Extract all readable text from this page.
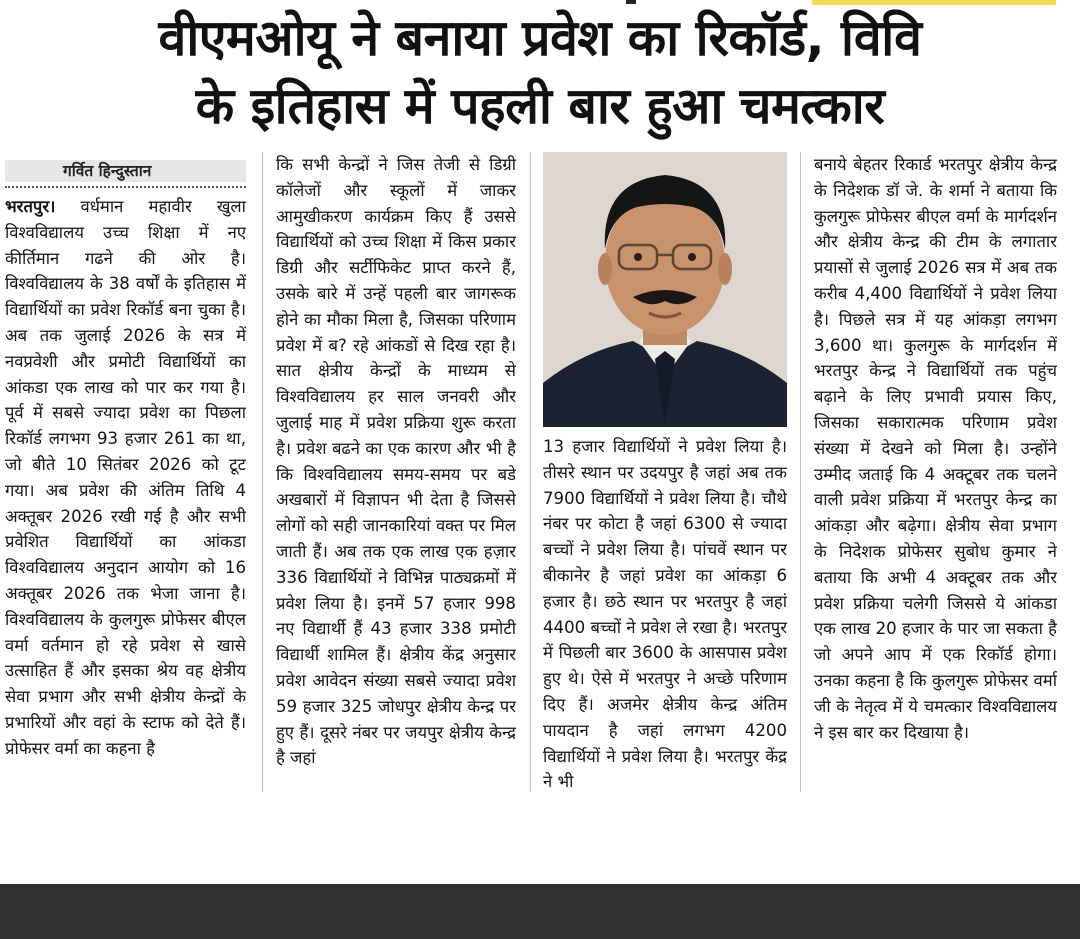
वीएमओयू ने बनाया प्रवेश का रिकॉर्ड, विवि
के इतिहास में पहली बार हुआ चमत्कार
गर्वित हिन्दुस्तान

भरतपुर। वर्धमान महावीर खुला विश्वविद्यालय उच्च शिक्षा में नए कीर्तिमान गढने की ओर है। विश्वविद्यालय के 38 वर्षों के इतिहास में विद्यार्थियों का प्रवेश रिकॉर्ड बना चुका है। अब तक जुलाई 2026 के सत्र में नवप्रवेशी और प्रमोटी विद्यार्थियों का आंकडा एक लाख को पार कर गया है। पूर्व में सबसे ज्यादा प्रवेश का पिछला रिकॉर्ड लगभग 93 हजार 261 का था, जो बीते 10 सितंबर 2026 को टूट गया। अब प्रवेश की अंतिम तिथि 4 अक्तूबर 2026 रखी गई है और सभी प्रवेशित विद्यार्थियों का आंकडा विश्वविद्यालय अनुदान आयोग को 16 अक्तूबर 2026 तक भेजा जाना है। विश्वविद्यालय के कुलगुरू प्रोफेसर बीएल वर्मा वर्तमान हो रहे प्रवेश से खासे उत्साहित हैं और इसका श्रेय वह क्षेत्रीय सेवा प्रभाग और सभी क्षेत्रीय केन्द्रों के प्रभारियों और वहां के स्टाफ को देते हैं। प्रोफेसर वर्मा का कहना है

कि सभी केन्द्रों ने जिस तेजी से डिग्री कॉलेजों और स्कूलों में जाकर आमुखीकरण कार्यक्रम किए हैं उससे विद्यार्थियों को उच्च शिक्षा में किस प्रकार डिग्री और सर्टीफिकेट प्राप्त करने हैं, उसके बारे में उन्हें पहली बार जागरूक होने का मौका मिला है, जिसका परिणाम प्रवेश में ब? रहे आंकडों से दिख रहा है। सात क्षेत्रीय केन्द्रों के माध्यम से विश्वविद्यालय हर साल जनवरी और जुलाई माह में प्रवेश प्रक्रिया शुरू करता है। प्रवेश बढने का एक कारण और भी है कि विश्वविद्यालय समय-समय पर बडे अखबारों में विज्ञापन भी देता है जिससे लोगों को सही जानकारियां वक्त पर मिल जाती हैं। अब तक एक लाख एक हज़ार 336 विद्यार्थियों ने विभिन्न पाठ्यक्रमों में प्रवेश लिया है। इनमें 57 हजार 998 नए विद्यार्थी हैं 43 हजार 338 प्रमोटी विद्यार्थी शामिल हैं। क्षेत्रीय केंद्र अनुसार प्रवेश आवेदन संख्या सबसे ज्यादा प्रवेश 59 हजार 325 जोधपुर क्षेत्रीय केन्द्र पर हुए हैं। दूसरे नंबर पर जयपुर क्षेत्रीय केन्द्र है जहां

13 हजार विद्यार्थियों ने प्रवेश लिया है। तीसरे स्थान पर उदयपुर है जहां अब तक 7900 विद्यार्थियों ने प्रवेश लिया है। चौथे नंबर पर कोटा है जहां 6300 से ज्यादा बच्चों ने प्रवेश लिया है। पांचवें स्थान पर बीकानेर है जहां प्रवेश का आंकड़ा 6 हजार है। छठे स्थान पर भरतपुर है जहां 4400 बच्चों ने प्रवेश ले रखा है। भरतपुर में पिछली बार 3600 के आसपास प्रवेश हुए थे। ऐसे में भरतपुर ने अच्छे परिणाम दिए हैं। अजमेर क्षेत्रीय केन्द्र अंतिम पायदान है जहां लगभग 4200 विद्यार्थियों ने प्रवेश लिया है। भरतपुर केंद्र ने भी

बनाये बेहतर रिकार्ड भरतपुर क्षेत्रीय केन्द्र के निदेशक डॉ जे. के शर्मा ने बताया कि कुलगुरू प्रोफेसर बीएल वर्मा के मार्गदर्शन और क्षेत्रीय केन्द्र की टीम के लगातार प्रयासों से जुलाई 2026 सत्र में अब तक करीब 4,400 विद्यार्थियों ने प्रवेश लिया है। पिछले सत्र में यह आंकड़ा लगभग 3,600 था। कुलगुरू के मार्गदर्शन में भरतपुर केन्द्र ने विद्यार्थियों तक पहुंच बढ़ाने के लिए प्रभावी प्रयास किए, जिसका सकारात्मक परिणाम प्रवेश संख्या में देखने को मिला है। उन्होंने उम्मीद जताई कि 4 अक्टूबर तक चलने वाली प्रवेश प्रक्रिया में भरतपुर केन्द्र का आंकड़ा और बढ़ेगा। क्षेत्रीय सेवा प्रभाग के निदेशक प्रोफेसर सुबोध कुमार ने बताया कि अभी 4 अक्टूबर तक और प्रवेश प्रक्रिया चलेगी जिससे ये आंकडा एक लाख 20 हजार के पार जा सकता है जो अपने आप में एक रिकॉर्ड होगा। उनका कहना है कि कुलगुरू प्रोफेसर वर्मा जी के नेतृत्व में ये चमत्कार विश्वविद्यालय ने इस बार कर दिखाया है।
